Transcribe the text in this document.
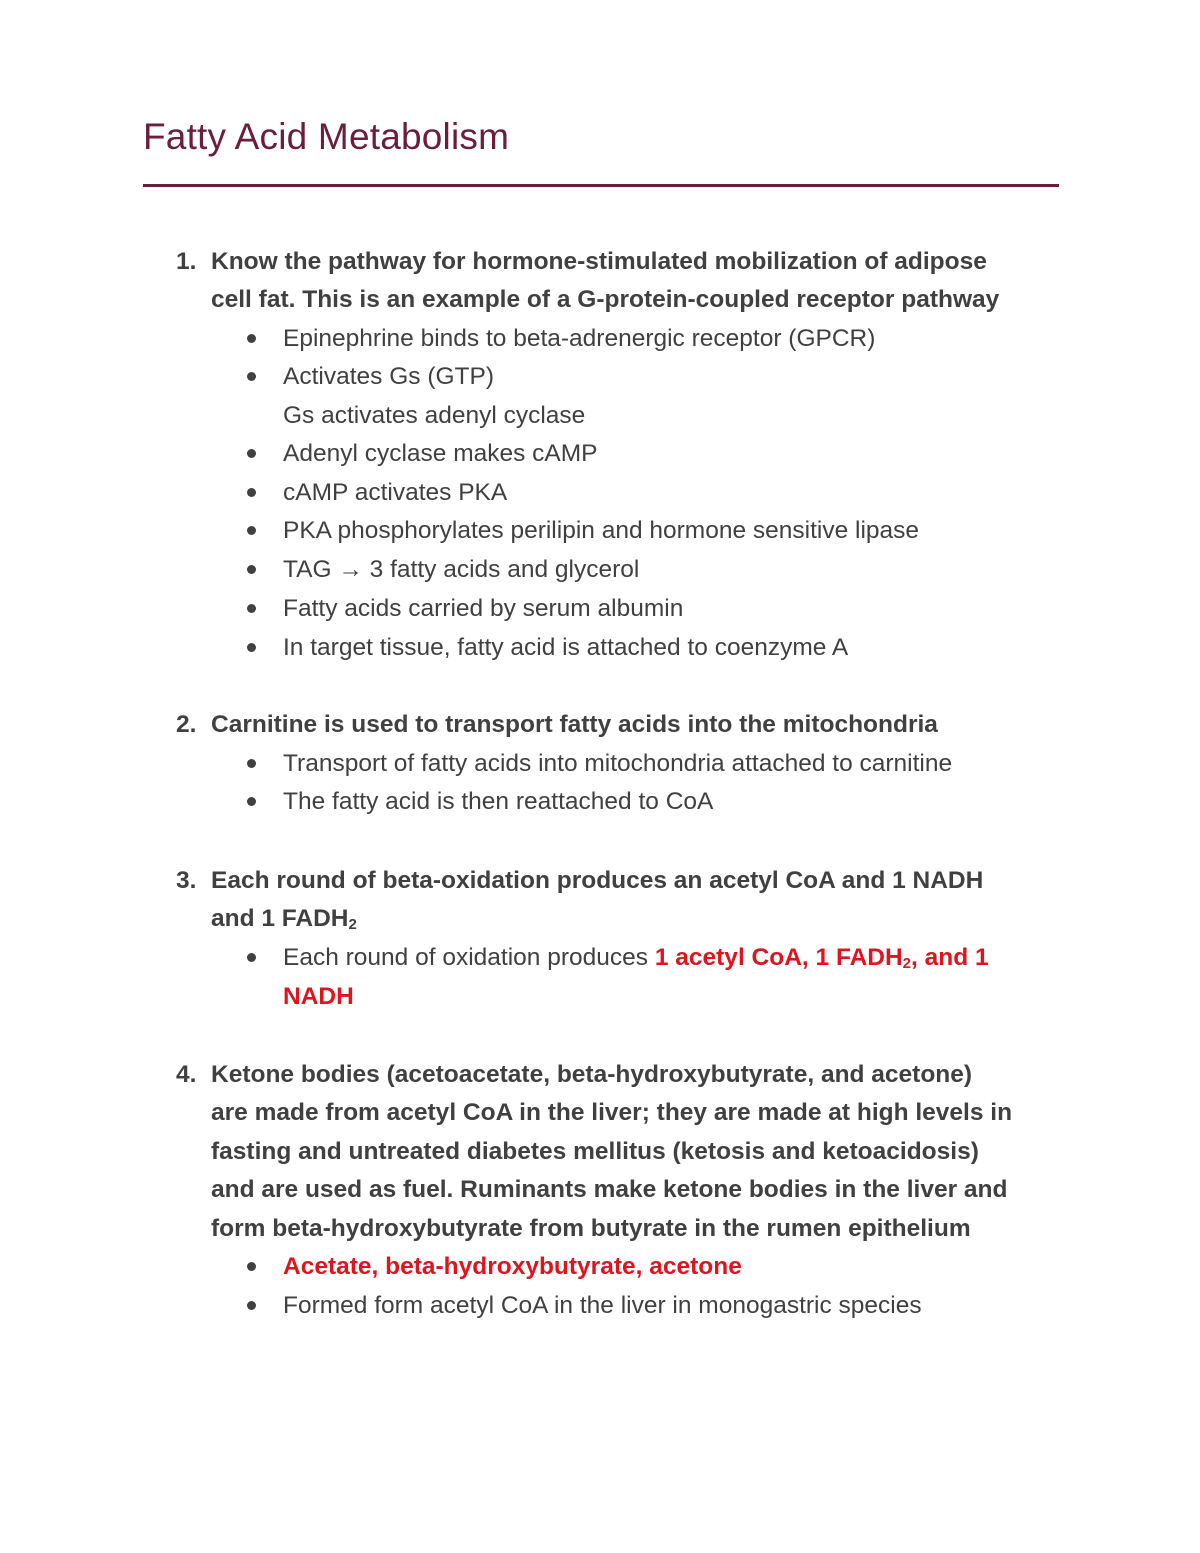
Fatty Acid Metabolism
1. Know the pathway for hormone-stimulated mobilization of adipose
cell fat. This is an example of a G-protein-coupled receptor pathway
Epinephrine binds to beta-adrenergic receptor (GPCR)
Activates Gs (GTP)
Gs activates adenyl cyclase
Adenyl cyclase makes cAMP
cAMP activates PKA
PKA phosphorylates perilipin and hormone sensitive lipase
TAG → 3 fatty acids and glycerol
Fatty acids carried by serum albumin
In target tissue, fatty acid is attached to coenzyme A
2. Carnitine is used to transport fatty acids into the mitochondria
Transport of fatty acids into mitochondria attached to carnitine
The fatty acid is then reattached to CoA
3. Each round of beta-oxidation produces an acetyl CoA and 1 NADH
and 1 $FADH_2$
Each round of oxidation produces 1 acetyl CoA, 1 $FADH_2$, and 1
NADH
4. Ketone bodies (acetoacetate, beta-hydroxybutyrate, and acetone)
are made from acetyl CoA in the liver; they are made at high levels in
fasting and untreated diabetes mellitus (ketosis and ketoacidosis)
and are used as fuel. Ruminants make ketone bodies in the liver and
form beta-hydroxybutyrate from butyrate in the rumen epithelium
Acetate, beta-hydroxybutyrate, acetone
Formed form acetyl CoA in the liver in monogastric species
